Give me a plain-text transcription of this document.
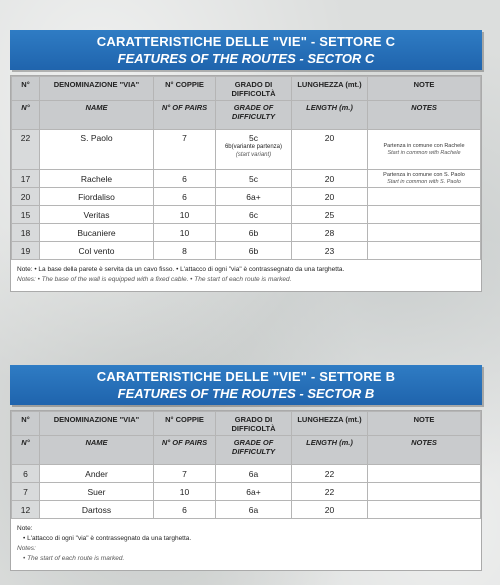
CARATTERISTICHE DELLE "VIE" - SETTORE C
FEATURES OF THE ROUTES - SECTOR C
N°	DENOMINAZIONE "VIA"	N° COPPIE	GRADO DI DIFFICOLTÀ	LUNGHEZZA (mt.)	NOTE
N°	NAME	N° OF PAIRS	GRADE OF DIFFICULTY	LENGTH (m.)	NOTES
22	S. Paolo	7	5c
6b(variante partenza)
(start variant)	20	Partenza in comune con Rachele
Start in common with Rachele

17	Rachele	6	5c	20	Partenza in comune con S. Paolo
Start in common with S. Paolo

20	Fiordaliso	6	6a+	20	
15	Veritas	10	6c	25	
18	Bucaniere	10	6b	28	
19	Col vento	8	6b	23	
Note: • La base della parete è servita da un cavo fisso. • L'attacco di ogni "via" è contrassegnato da una targhetta.
Notes: • The base of the wall is equipped with a fixed cable. • The start of each route is marked.
CARATTERISTICHE DELLE "VIE" - SETTORE B
FEATURES OF THE ROUTES - SECTOR B
N°	DENOMINAZIONE "VIA"	N° COPPIE	GRADO DI DIFFICOLTÀ	LUNGHEZZA (mt.)	NOTE
N°	NAME	N° OF PAIRS	GRADE OF DIFFICULTY	LENGTH (m.)	NOTES
6	Ander	7	6a	22	
7	Suer	10	6a+	22	
12	Dartoss	6	6a	20	
Note:
• L'attacco di ogni "via" è contrassegnato da una targhetta.
Notes:
• The start of each route is marked.
